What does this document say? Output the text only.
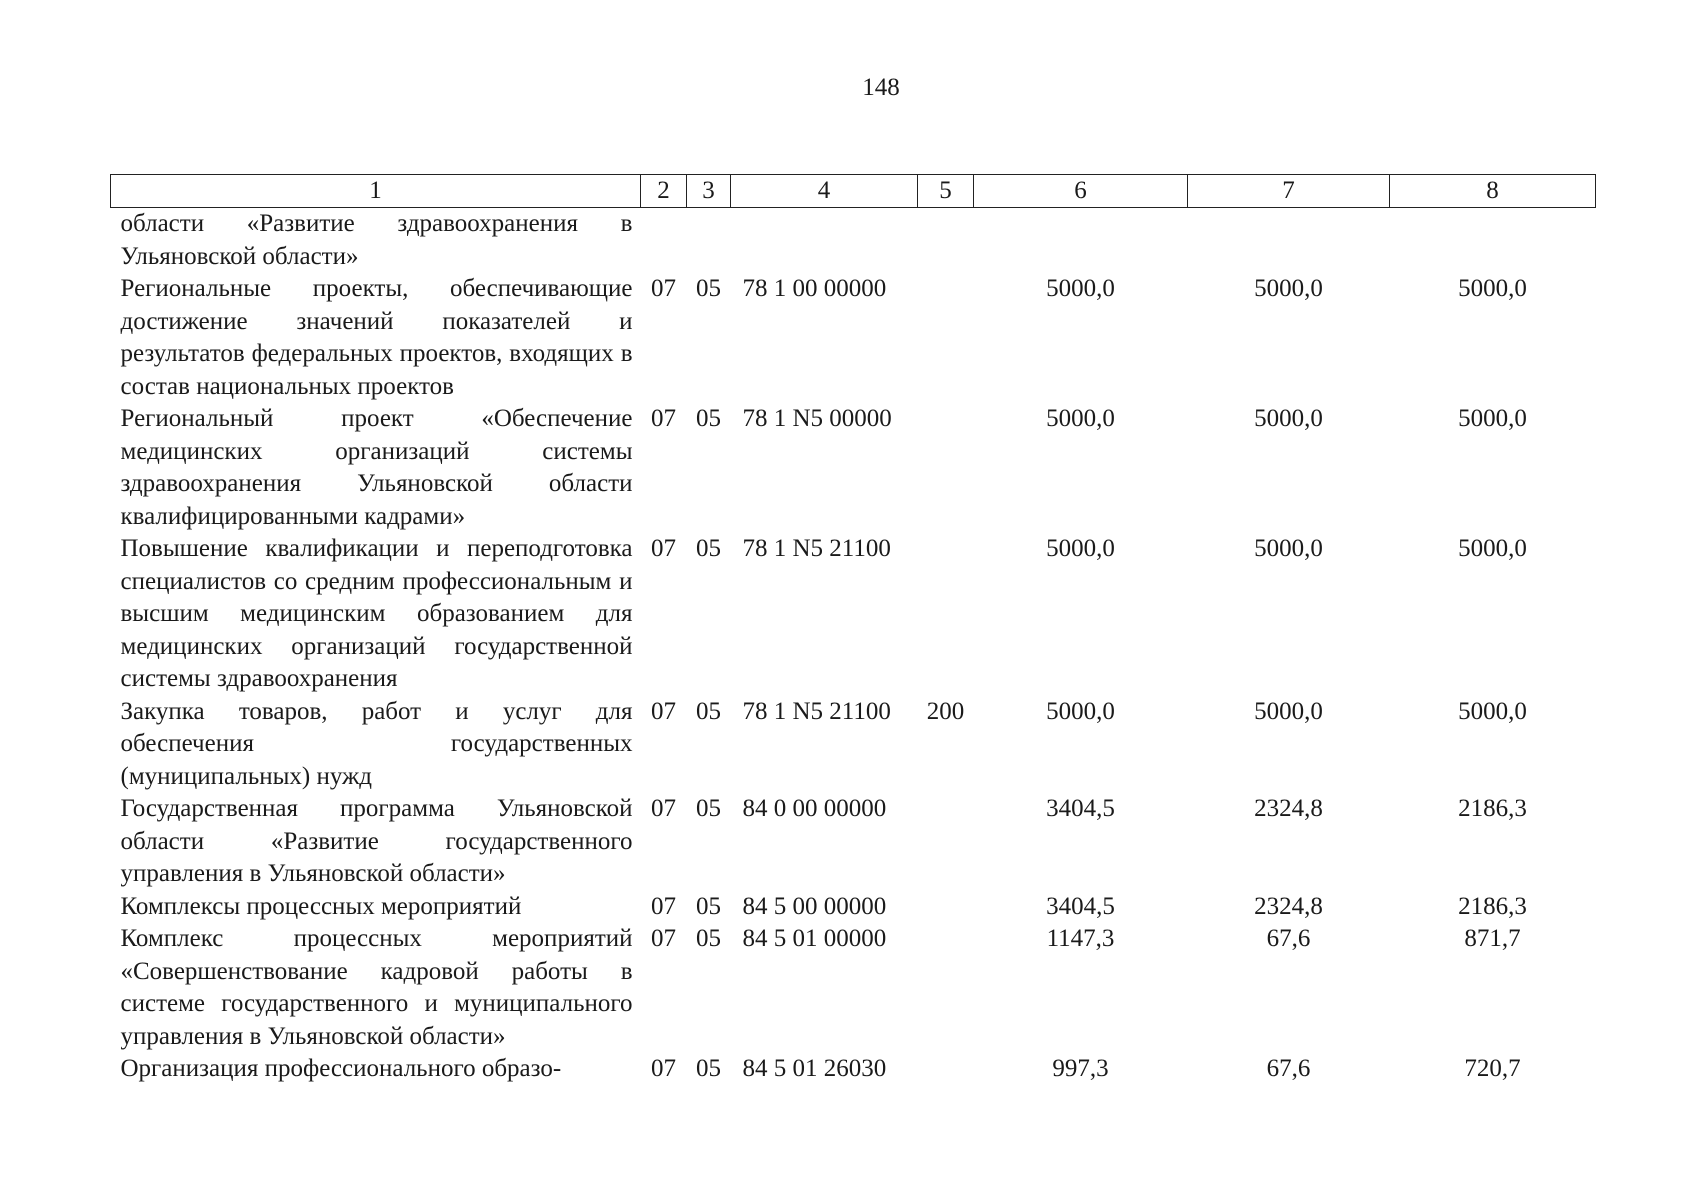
148
1	2	3	4	5	6	7	8
области «Развитие здравоохранения в Ульяновской области»							
Региональные проекты, обеспечивающие достижение значений показателей и результатов федеральных проектов, входящих в состав национальных проектов	07	05	78 1 00 00000		5000,0	5000,0	5000,0
Региональный проект «Обеспечение медицинских организаций системы здравоохранения Ульяновской области квалифицированными кадрами»	07	05	78 1 N5 00000		5000,0	5000,0	5000,0
Повышение квалификации и переподготовка специалистов со средним профессиональным и высшим медицинским образованием для медицинских организаций государственной системы здравоохранения	07	05	78 1 N5 21100		5000,0	5000,0	5000,0
Закупка товаров, работ и услуг для обеспечения государственных (муниципальных) нужд	07	05	78 1 N5 21100	200	5000,0	5000,0	5000,0
Государственная программа Ульяновской области «Развитие государственного управления в Ульяновской области»	07	05	84 0 00 00000		3404,5	2324,8	2186,3
Комплексы процессных мероприятий	07	05	84 5 00 00000		3404,5	2324,8	2186,3
Комплекс процессных мероприятий «Совершенствование кадровой работы в системе государственного и муниципального управления в Ульяновской области»	07	05	84 5 01 00000		1147,3	67,6	871,7
Организация профессионального образо-	07	05	84 5 01 26030		997,3	67,6	720,7
